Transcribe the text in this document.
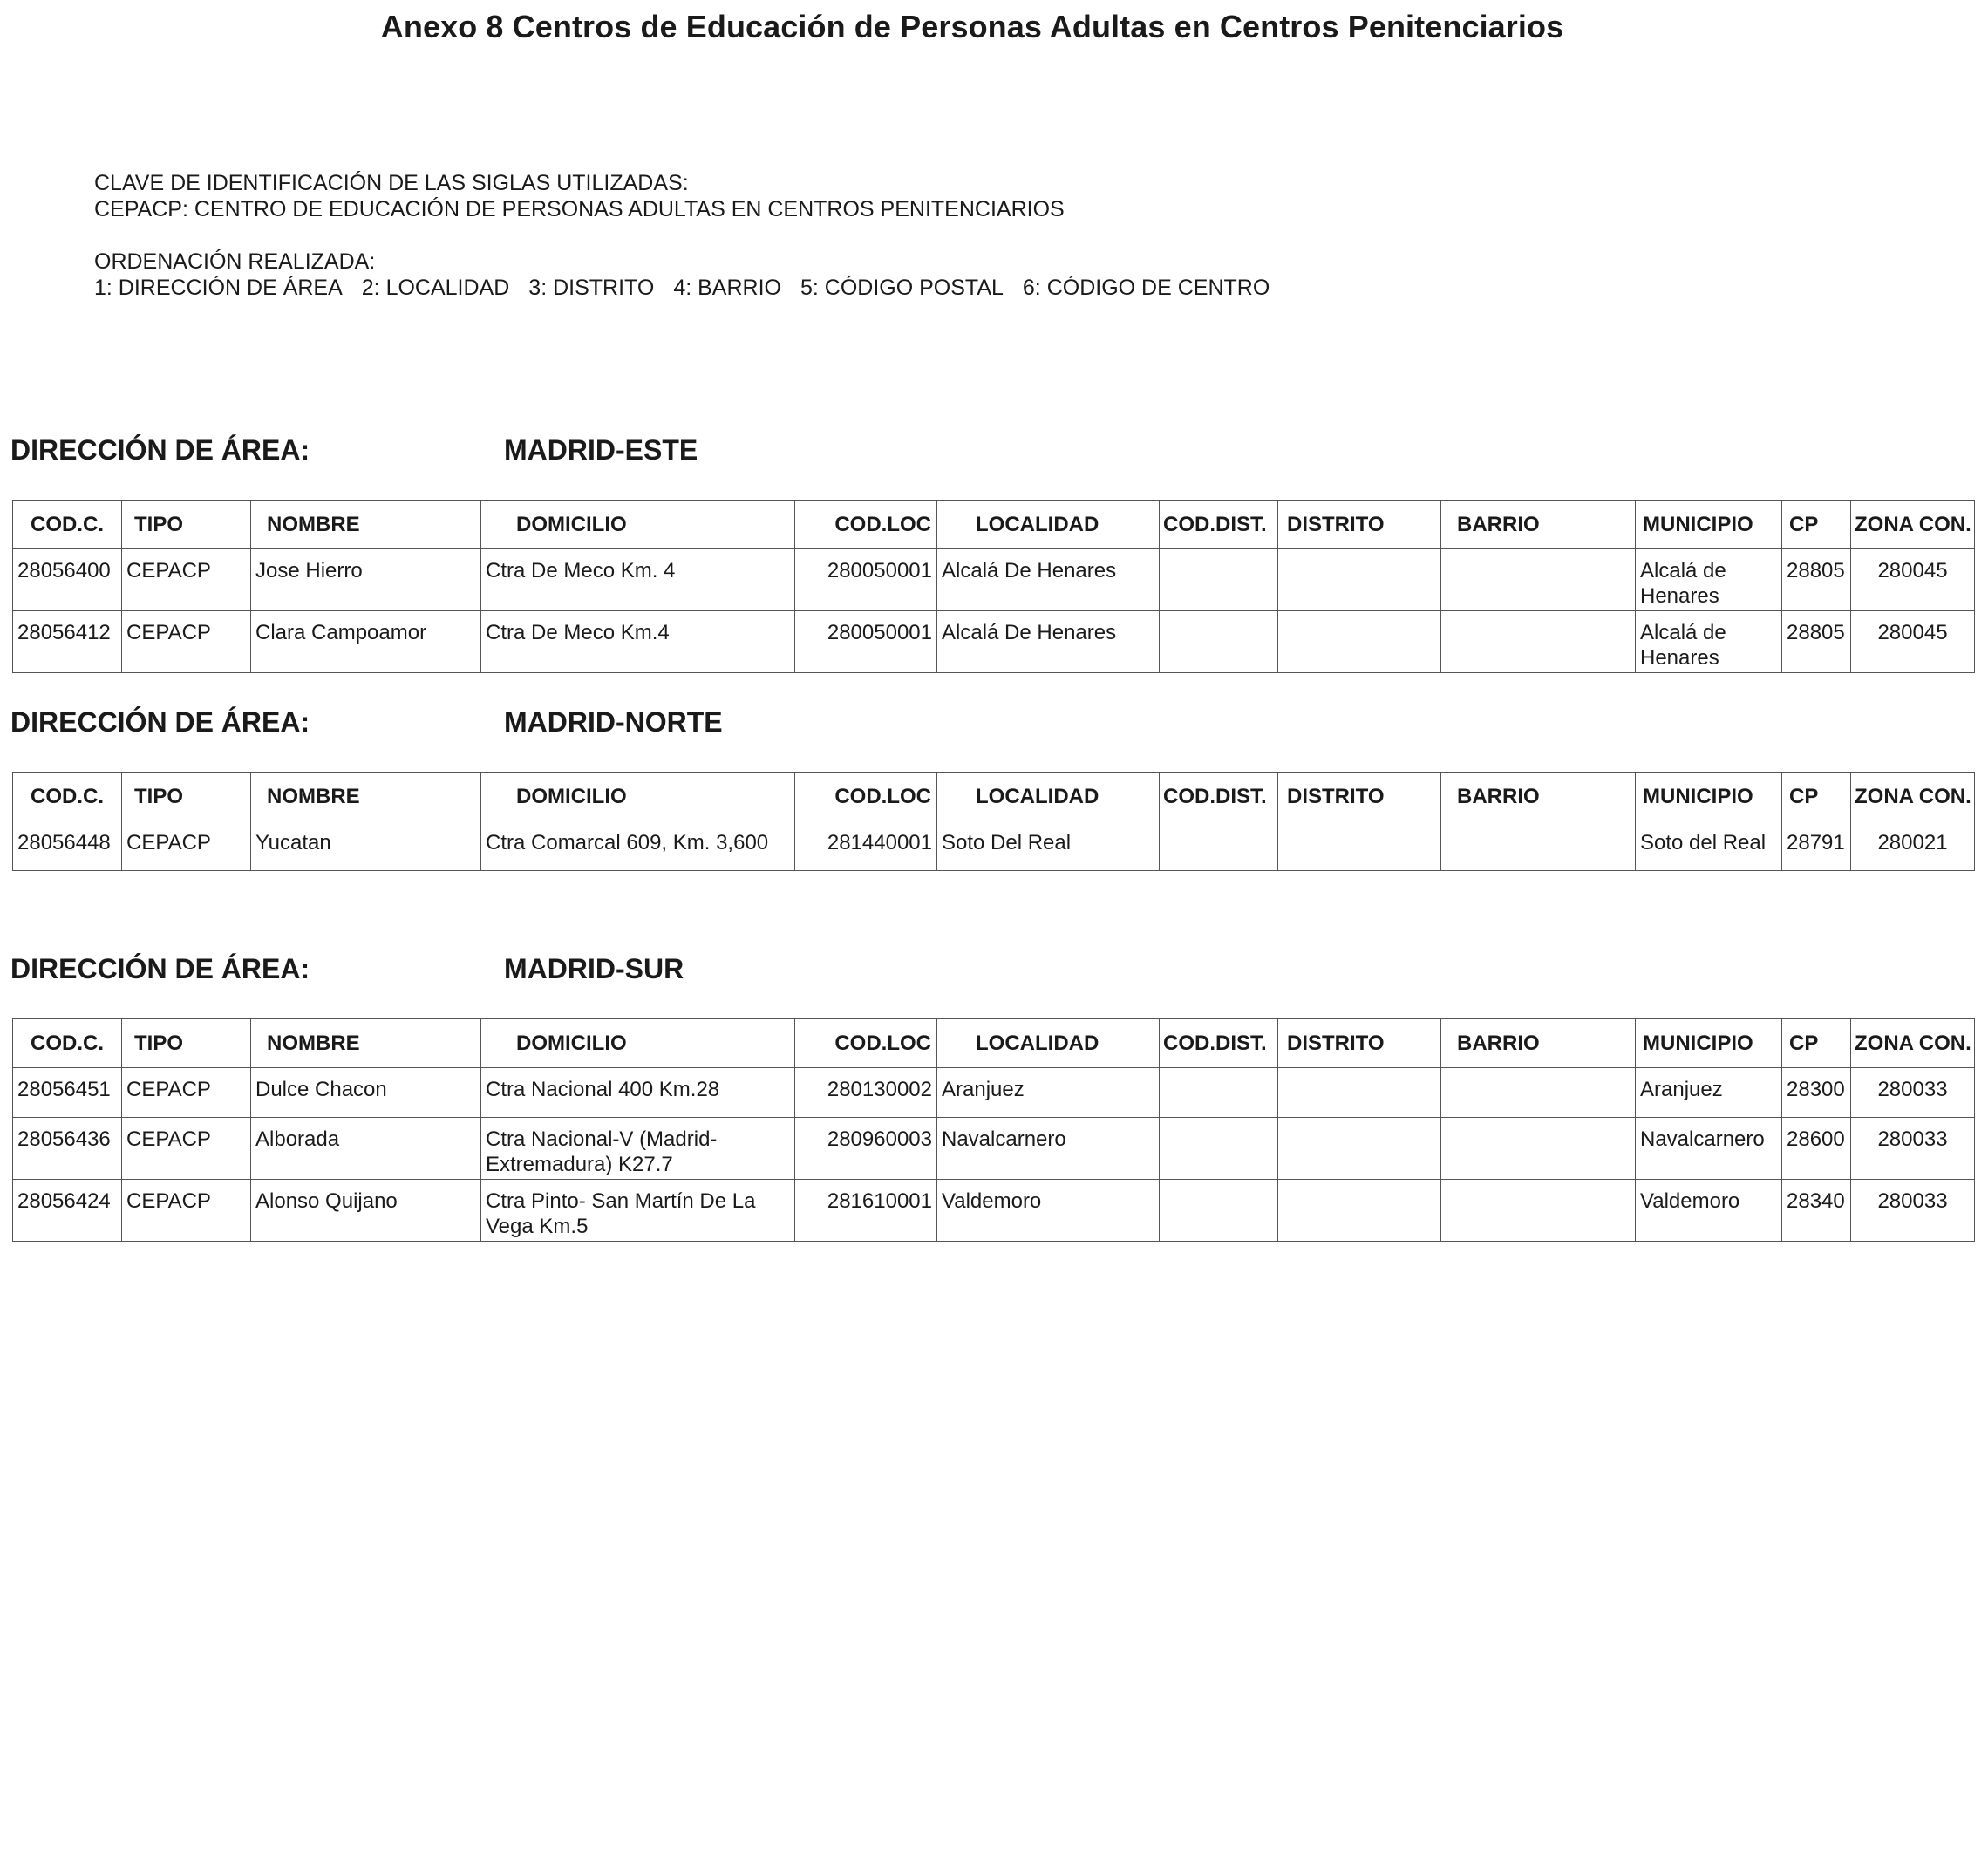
Anexo 8 Centros de Educación de Personas Adultas en Centros Penitenciarios
CLAVE DE IDENTIFICACIÓN DE LAS SIGLAS UTILIZADAS:
CEPACP: CENTRO DE EDUCACIÓN DE PERSONAS ADULTAS EN CENTROS PENITENCIARIOS
ORDENACIÓN REALIZADA:
1: DIRECCIÓN DE ÁREA 2: LOCALIDAD 3: DISTRITO 4: BARRIO 5: CÓDIGO POSTAL 6: CÓDIGO DE CENTRO
DIRECCIÓN DE ÁREA:	MADRID-ESTE
COD.C.	TIPO	NOMBRE	DOMICILIO	COD.LOC	LOCALIDAD	COD.DIST.	DISTRITO	BARRIO	MUNICIPIO	CP	ZONA CON.
28056400	CEPACP	Jose Hierro	Ctra De Meco Km. 4	280050001	Alcalá De Henares				Alcalá de
Henares	28805	280045
28056412	CEPACP	Clara Campoamor	Ctra De Meco Km.4	280050001	Alcalá De Henares				Alcalá de
Henares	28805	280045
DIRECCIÓN DE ÁREA:	MADRID-NORTE
COD.C.	TIPO	NOMBRE	DOMICILIO	COD.LOC	LOCALIDAD	COD.DIST.	DISTRITO	BARRIO	MUNICIPIO	CP	ZONA CON.
28056448	CEPACP	Yucatan	Ctra Comarcal 609, Km. 3,600	281440001	Soto Del Real				Soto del Real	28791	280021
DIRECCIÓN DE ÁREA:	MADRID-SUR
COD.C.	TIPO	NOMBRE	DOMICILIO	COD.LOC	LOCALIDAD	COD.DIST.	DISTRITO	BARRIO	MUNICIPIO	CP	ZONA CON.
28056451	CEPACP	Dulce Chacon	Ctra Nacional 400 Km.28	280130002	Aranjuez				Aranjuez	28300	280033
28056436	CEPACP	Alborada	Ctra Nacional-V (Madrid-
Extremadura) K27.7	280960003	Navalcarnero				Navalcarnero	28600	280033
28056424	CEPACP	Alonso Quijano	Ctra Pinto- San Martín De La
Vega Km.5	281610001	Valdemoro				Valdemoro	28340	280033
